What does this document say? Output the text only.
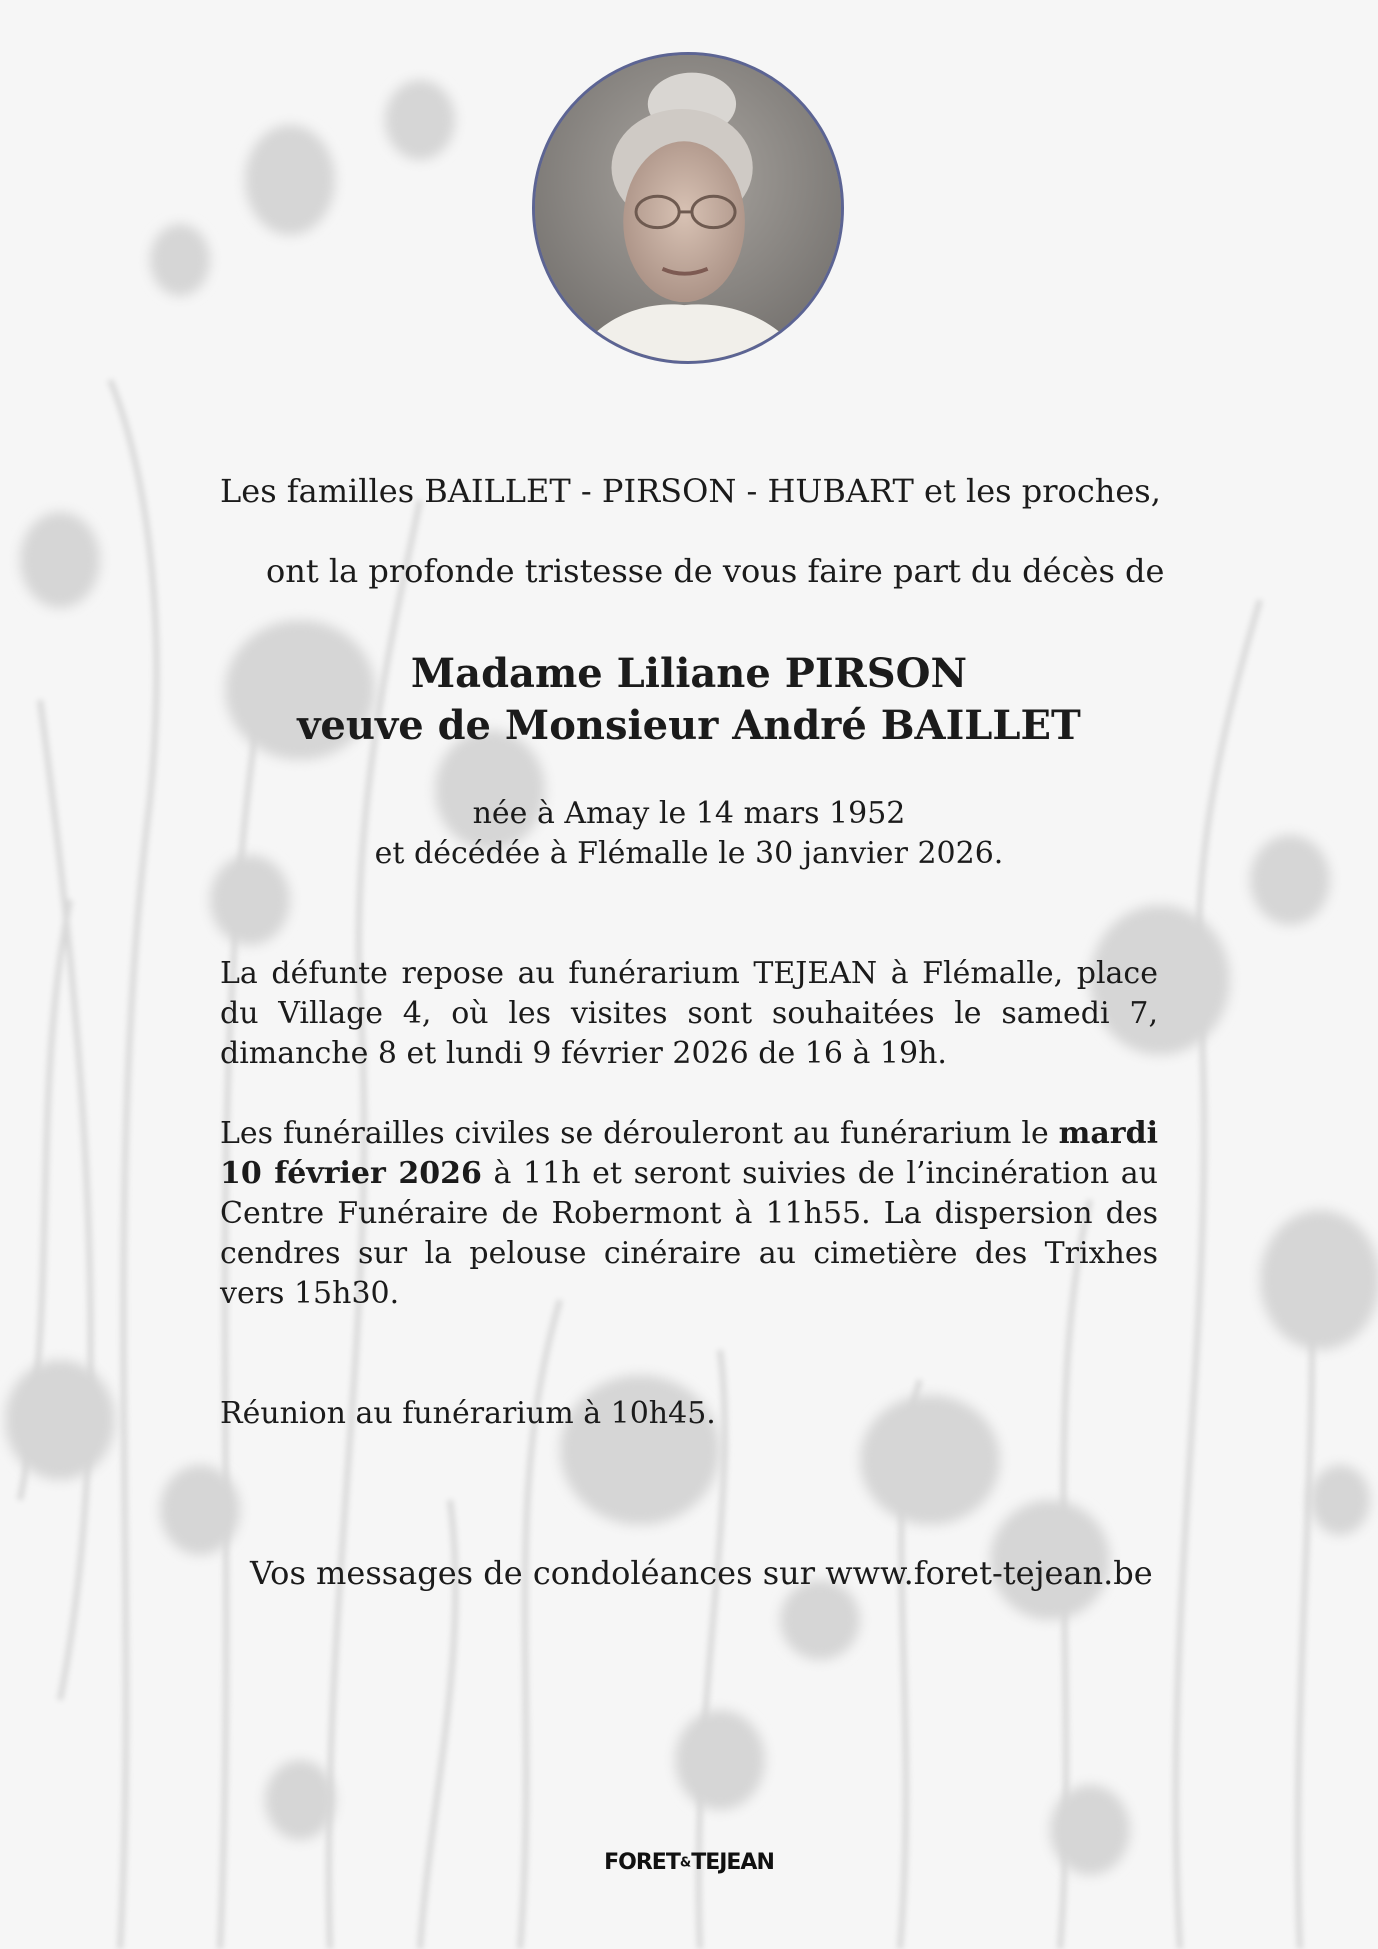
Les familles BAILLET - PIRSON - HUBART et les proches,

ont la profonde tristesse de vous faire part du décès de

Madame Liliane PIRSON
veuve de Monsieur André BAILLET

née à Amay le 14 mars 1952

et décédée à Flémalle le 30 janvier 2026.

La défunte repose au funérarium TEJEAN à Flémalle, place du Village 4, où les visites sont souhaitées le samedi 7, dimanche 8 et lundi 9 février 2026 de 16 à 19h.

Les funérailles civiles se dérouleront au funérarium le mardi 10 février 2026 à 11h et seront suivies de l’incinération au Centre Funéraire de Robermont à 11h55. La dispersion des cendres sur la pelouse cinéraire au cimetière des Trixhes vers 15h30.

Réunion au funérarium à 10h45.

Vos messages de condoléances sur www.foret-tejean.be

FORET&TEJEAN
